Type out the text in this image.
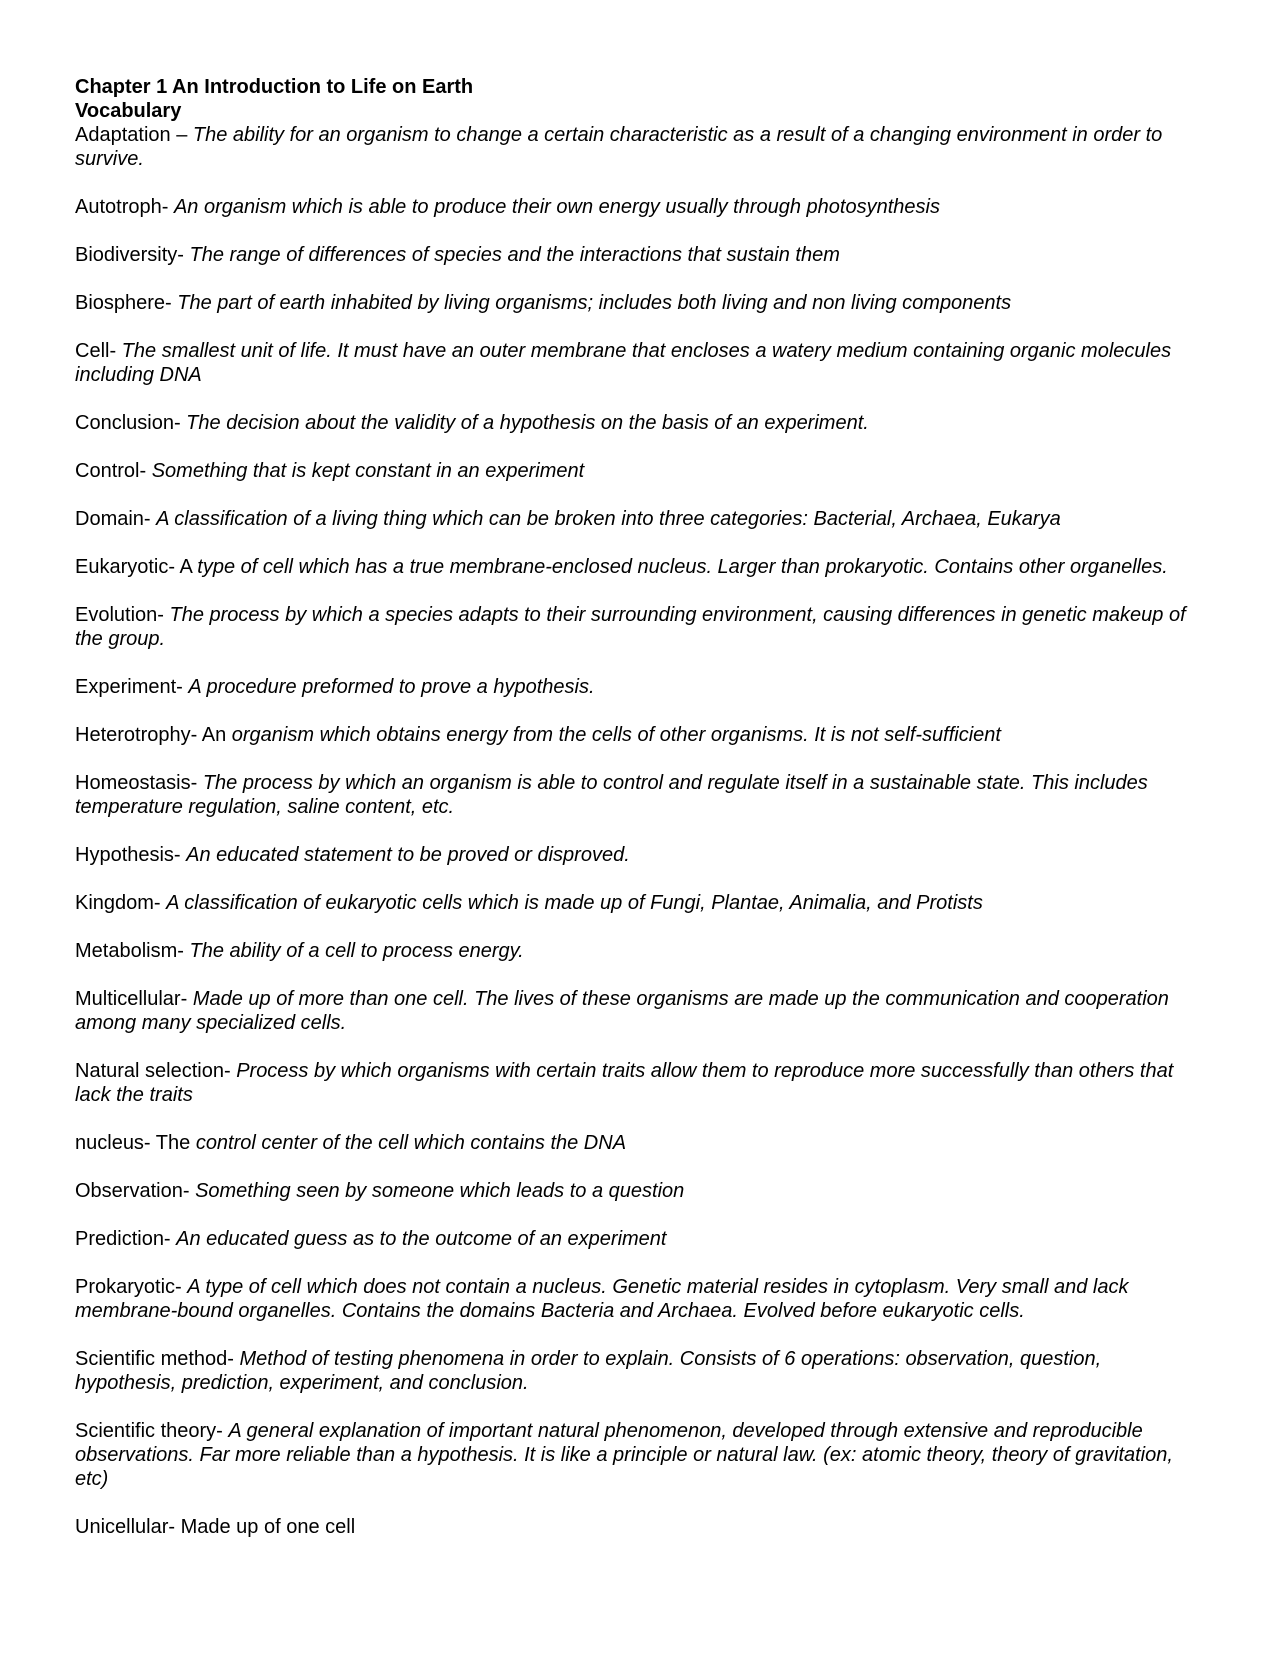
Chapter 1 An Introduction to Life on Earth

Vocabulary

Adaptation – The ability for an organism to change a certain characteristic as a result of a changing environment in order to survive.

Autotroph- An organism which is able to produce their own energy usually through photosynthesis

Biodiversity- The range of differences of species and the interactions that sustain them

Biosphere- The part of earth inhabited by living organisms; includes both living and non living components

Cell- The smallest unit of life. It must have an outer membrane that encloses a watery medium containing organic molecules including DNA

Conclusion- The decision about the validity of a hypothesis on the basis of an experiment.

Control- Something that is kept constant in an experiment

Domain- A classification of a living thing which can be broken into three categories: Bacterial, Archaea, Eukarya

Eukaryotic- A type of cell which has a true membrane-enclosed nucleus. Larger than prokaryotic. Contains other organelles.

Evolution- The process by which a species adapts to their surrounding environment, causing differences in genetic makeup of the group.

Experiment- A procedure preformed to prove a hypothesis.

Heterotrophy- An organism which obtains energy from the cells of other organisms. It is not self-sufficient

Homeostasis- The process by which an organism is able to control and regulate itself in a sustainable state. This includes temperature regulation, saline content, etc.

Hypothesis- An educated statement to be proved or disproved.

Kingdom- A classification of eukaryotic cells which is made up of Fungi, Plantae, Animalia, and Protists

Metabolism- The ability of a cell to process energy.

Multicellular- Made up of more than one cell. The lives of these organisms are made up the communication and cooperation among many specialized cells.

Natural selection- Process by which organisms with certain traits allow them to reproduce more successfully than others that lack the traits

nucleus- The control center of the cell which contains the DNA

Observation- Something seen by someone which leads to a question

Prediction- An educated guess as to the outcome of an experiment

Prokaryotic- A type of cell which does not contain a nucleus. Genetic material resides in cytoplasm. Very small and lack membrane-bound organelles. Contains the domains Bacteria and Archaea. Evolved before eukaryotic cells.

Scientific method- Method of testing phenomena in order to explain. Consists of 6 operations: observation, question, hypothesis, prediction, experiment, and conclusion.

Scientific theory- A general explanation of important natural phenomenon, developed through extensive and reproducible observations. Far more reliable than a hypothesis. It is like a principle or natural law. (ex: atomic theory, theory of gravitation, etc)

Unicellular- Made up of one cell
